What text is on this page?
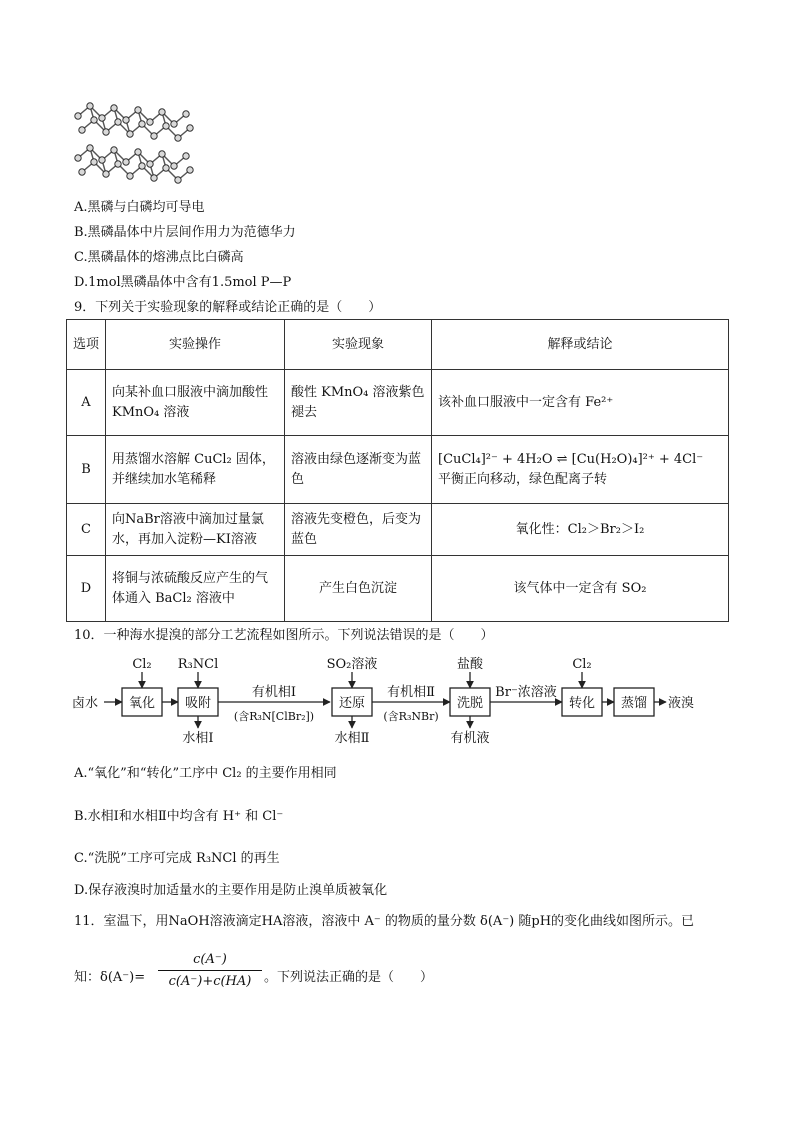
A.黑磷与白磷均可导电
B.黑磷晶体中片层间作用力为范德华力
C.黑磷晶体的熔沸点比白磷高
D.1mol黑磷晶体中含有1.5mol P—P
9．下列关于实验现象的解释或结论正确的是（　　）
选项	实验操作	实验现象	解释或结论
A	向某补血口服液中滴加酸性 KMnO₄ 溶液	酸性 KMnO₄ 溶液紫色褪去	该补血口服液中一定含有 Fe²⁺
B	用蒸馏水溶解 CuCl₂ 固体，并继续加水笔稀释	溶液由绿色逐渐变为蓝色	[CuCl₄]²⁻ + 4H₂O ⇌ [Cu(H₂O)₄]²⁺ + 4Cl⁻
平衡正向移动，绿色配离子转

C	向NaBr溶液中滴加过量氯水，再加入淀粉—KI溶液	溶液先变橙色，后变为蓝色	氧化性：Cl₂＞Br₂＞I₂
D	将铜与浓硫酸反应产生的气体通入 BaCl₂ 溶液中	产生白色沉淀	该气体中一定含有 SO₂
10．一种海水提溴的部分工艺流程如图所示。下列说法错误的是（　　）
卤水 氧化 吸附	还原	洗脱	转化 蒸馏 液溴
Cl₂ R₃NCl	SO₂溶液	盐酸	Cl₂
有机相Ⅰ	有机相Ⅱ	Br⁻浓溶液
(含R₃N[ClBr₂])	(含R₃NBr)
水相Ⅰ	水相Ⅱ	有机液
A.“氧化”和“转化”工序中 Cl₂ 的主要作用相同
B.水相Ⅰ和水相Ⅱ中均含有 H⁺ 和 Cl⁻
C.“洗脱”工序可完成 R₃NCl 的再生
D.保存液溴时加适量水的主要作用是防止溴单质被氧化
11．室温下，用NaOH溶液滴定HA溶液，溶液中 A⁻ 的物质的量分数 δ(A⁻) 随pH的变化曲线如图所示。已
知：$\delta(A^-)= \frac{c(A^-)}{c(A^-)+c(HA)}$ 。下列说法正确的是（　　）
